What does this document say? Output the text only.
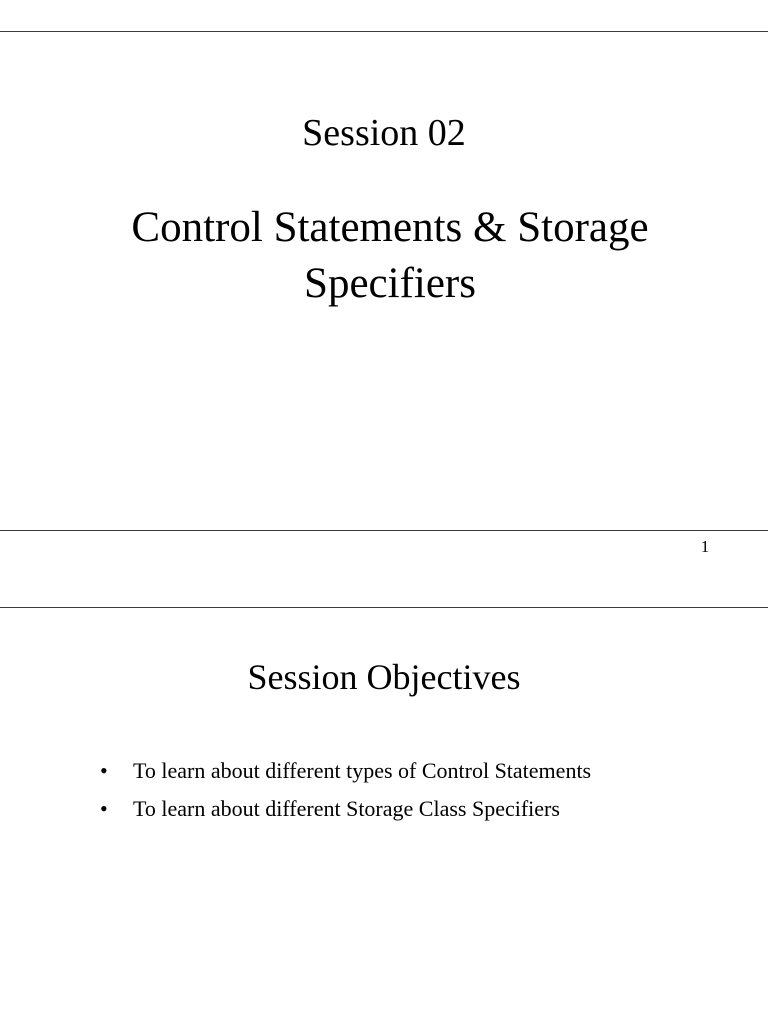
Session 02
Control Statements & Storage Specifiers
1
Session Objectives
•	To learn about different types of Control Statements
•	To learn about different Storage Class Specifiers
